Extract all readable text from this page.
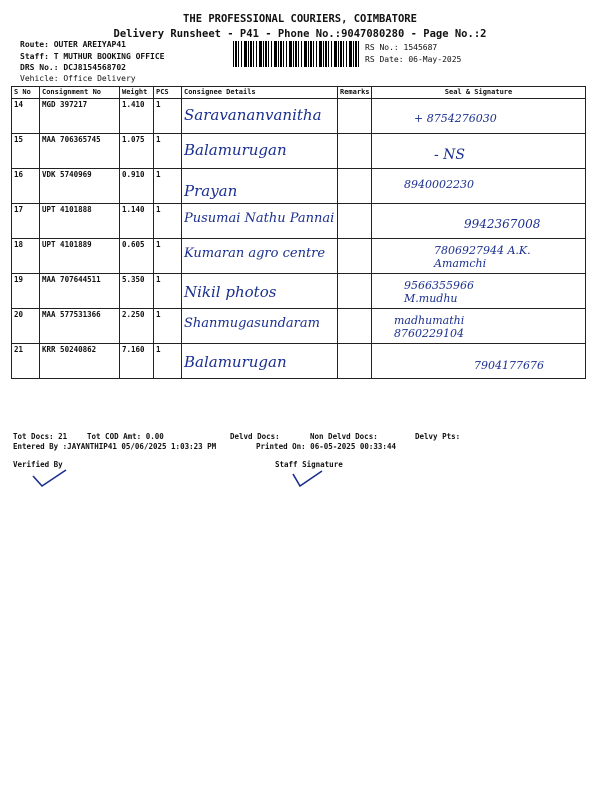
THE PROFESSIONAL COURIERS, COIMBATORE
Delivery Runsheet - P41 - Phone No.:9047080280 - Page No.:2
Route: OUTER AREIYAP41
Staff: T MUTHUR BOOKING OFFICE
DRS No.: DCJ8154568702
Vehicle: Office Delivery
RS No.: 1545687
RS Date: 06-May-2025
S No	Consignment No	Weight	PCS	Consignee Details	Remarks	Seal & Signature
14	MGD 397217	1.410	1	Saravananvanitha		+ 8754276030

15	MAA 706365745	1.075	1	Balamurugan		- NS

16	VDK 5740969	0.910	1	Prayan		8940002230

17	UPT 4101888	1.140	1	Pusumai Nathu Pannai		9942367008

18	UPT 4101889	0.605	1	Kumaran agro centre		7806927944 A.K. Amamchi

19	MAA 707644511	5.350	1	Nikil photos		9566355966 M.mudhu

20	MAA 577531366	2.250	1	Shanmugasundaram		madhumathi 8760229104

21	KRR 50240862	7.160	1	Balamurugan		7904177676
Tot Docs: 21	Tot COD Amt: 0.00	Delvd Docs:	Non Delvd Docs:	Delvy Pts:
Entered By :JAYANTHIP41 05/06/2025 1:03:23 PM	Printed On: 06-05-2025 00:33:44
Verified By	Staff Signature
